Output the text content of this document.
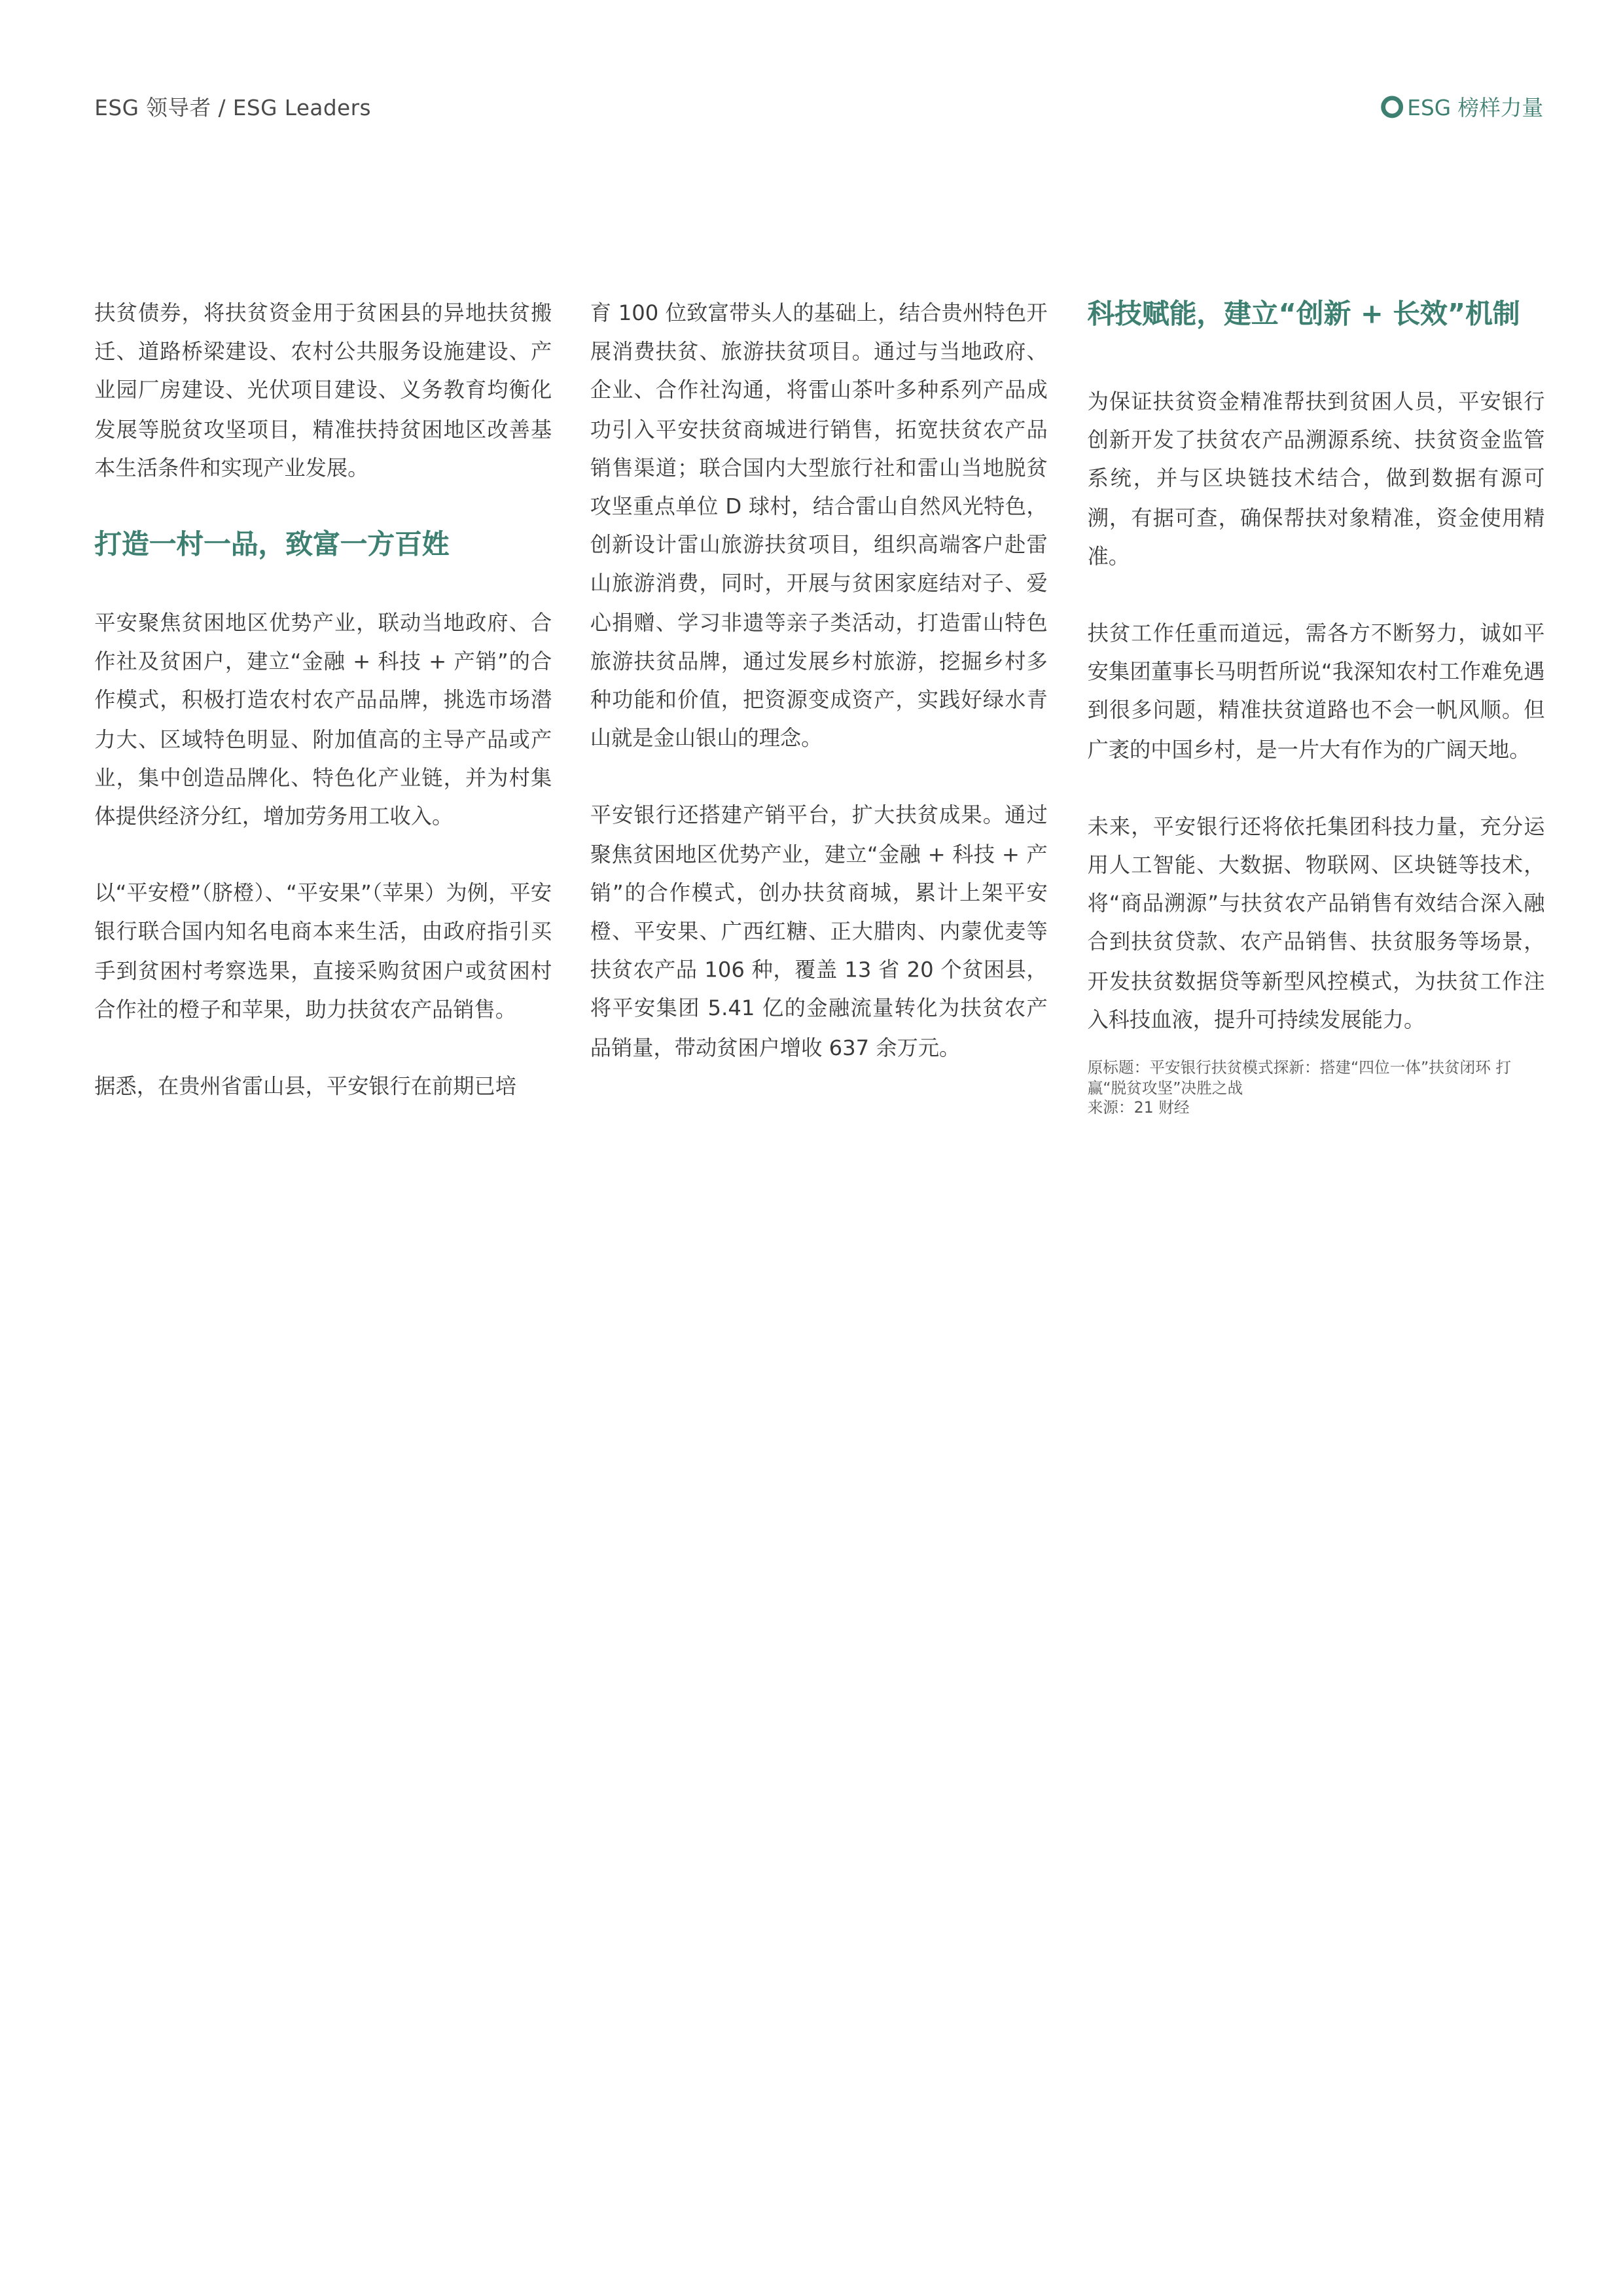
ESG 领导者 / ESG Leaders	ESG 榜样力量

扶贫债券，将扶贫资金用于贫困县的异地扶贫搬迁、道路桥梁建设、农村公共服务设施建设、产业园厂房建设、光伏项目建设、义务教育均衡化发展等脱贫攻坚项目，精准扶持贫困地区改善基本生活条件和实现产业发展。

打造一村一品，致富一方百姓

平安聚焦贫困地区优势产业，联动当地政府、合作社及贫困户，建立“金融 + 科技 + 产销”的合作模式，积极打造农村农产品品牌，挑选市场潜力大、区域特色明显、附加值高的主导产品或产业，集中创造品牌化、特色化产业链，并为村集体提供经济分红，增加劳务用工收入。

以“平安橙”（脐橙）、“平安果”（苹果）为例，平安银行联合国内知名电商本来生活，由政府指引买手到贫困村考察选果，直接采购贫困户或贫困村合作社的橙子和苹果，助力扶贫农产品销售。

据悉，在贵州省雷山县，平安银行在前期已培

育 100 位致富带头人的基础上，结合贵州特色开展消费扶贫、旅游扶贫项目。通过与当地政府、企业、合作社沟通，将雷山茶叶多种系列产品成功引入平安扶贫商城进行销售，拓宽扶贫农产品销售渠道；联合国内大型旅行社和雷山当地脱贫攻坚重点单位 D 球村，结合雷山自然风光特色，创新设计雷山旅游扶贫项目，组织高端客户赴雷山旅游消费，同时，开展与贫困家庭结对子、爱心捐赠、学习非遗等亲子类活动，打造雷山特色旅游扶贫品牌，通过发展乡村旅游，挖掘乡村多种功能和价值，把资源变成资产，实践好绿水青山就是金山银山的理念。

平安银行还搭建产销平台，扩大扶贫成果。通过聚焦贫困地区优势产业，建立“金融 + 科技 + 产销”的合作模式，创办扶贫商城，累计上架平安橙、平安果、广西红糖、正大腊肉、内蒙优麦等扶贫农产品 106 种，覆盖 13 省 20 个贫困县，将平安集团 5.41 亿的金融流量转化为扶贫农产品销量，带动贫困户增收 637 余万元。

科技赋能，建立“创新 + 长效”机制

为保证扶贫资金精准帮扶到贫困人员，平安银行创新开发了扶贫农产品溯源系统、扶贫资金监管系统，并与区块链技术结合，做到数据有源可溯，有据可查，确保帮扶对象精准，资金使用精准。

扶贫工作任重而道远，需各方不断努力，诚如平安集团董事长马明哲所说“我深知农村工作难免遇到很多问题，精准扶贫道路也不会一帆风顺。但广袤的中国乡村，是一片大有作为的广阔天地。

未来，平安银行还将依托集团科技力量，充分运用人工智能、大数据、物联网、区块链等技术，将“商品溯源”与扶贫农产品销售有效结合深入融合到扶贫贷款、农产品销售、扶贫服务等场景，开发扶贫数据贷等新型风控模式，为扶贫工作注入科技血液，提升可持续发展能力。

原标题：平安银行扶贫模式探新：搭建“四位一体”扶贫闭环 打赢“脱贫攻坚”决胜之战
来源：21 财经
